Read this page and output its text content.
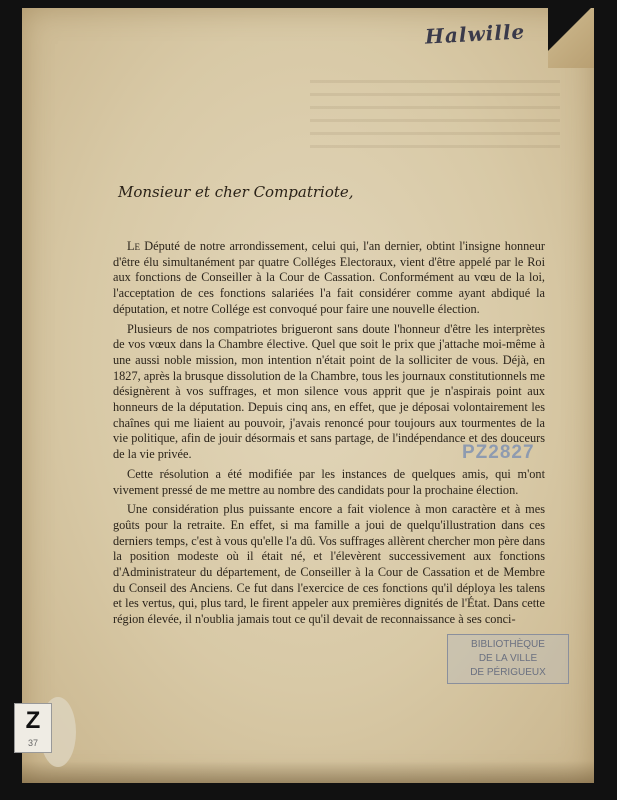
Halwille
Monsieur et cher Compatriote,

Le Député de notre arrondissement, celui qui, l'an dernier, obtint l'insigne honneur d'être élu simultanément par quatre Colléges Electoraux, vient d'être appelé par le Roi aux fonctions de Conseiller à la Cour de Cassation. Conformément au vœu de la loi, l'acceptation de ces fonctions salariées l'a fait considérer comme ayant abdiqué la députation, et notre Collége est convoqué pour faire une nouvelle élection.

Plusieurs de nos compatriotes brigueront sans doute l'honneur d'être les interprètes de vos vœux dans la Chambre élective. Quel que soit le prix que j'attache moi-même à une aussi noble mission, mon intention n'était point de la solliciter de vous. Déjà, en 1827, après la brusque dissolution de la Chambre, tous les journaux constitutionnels me désignèrent à vos suffrages, et mon silence vous apprit que je n'aspirais point aux honneurs de la députation. Depuis cinq ans, en effet, que je déposai volontairement les chaînes qui me liaient au pouvoir, j'avais renoncé pour toujours aux tourmentes de la vie politique, afin de jouir désormais et sans partage, de l'indépendance et des douceurs de la vie privée.

Cette résolution a été modifiée par les instances de quelques amis, qui m'ont vivement pressé de me mettre au nombre des candidats pour la prochaine élection.

Une considération plus puissante encore a fait violence à mon caractère et à mes goûts pour la retraite. En effet, si ma famille a joui de quelqu'illustration dans ces derniers temps, c'est à vous qu'elle l'a dû. Vos suffrages allèrent chercher mon père dans la position modeste où il était né, et l'élevèrent successivement aux fonctions d'Administrateur du département, de Conseiller à la Cour de Cassation et de Membre du Conseil des Anciens. Ce fut dans l'exercice de ces fonctions qu'il déploya les talens et les vertus, qui, plus tard, le firent appeler aux premières dignités de l'État. Dans cette région élevée, il n'oublia jamais tout ce qu'il devait de reconnaissance à ses conci-

PZ2827
BIBLIOTHÈQUE
DE LA VILLE
DE PÉRIGUEUX
Z
37
